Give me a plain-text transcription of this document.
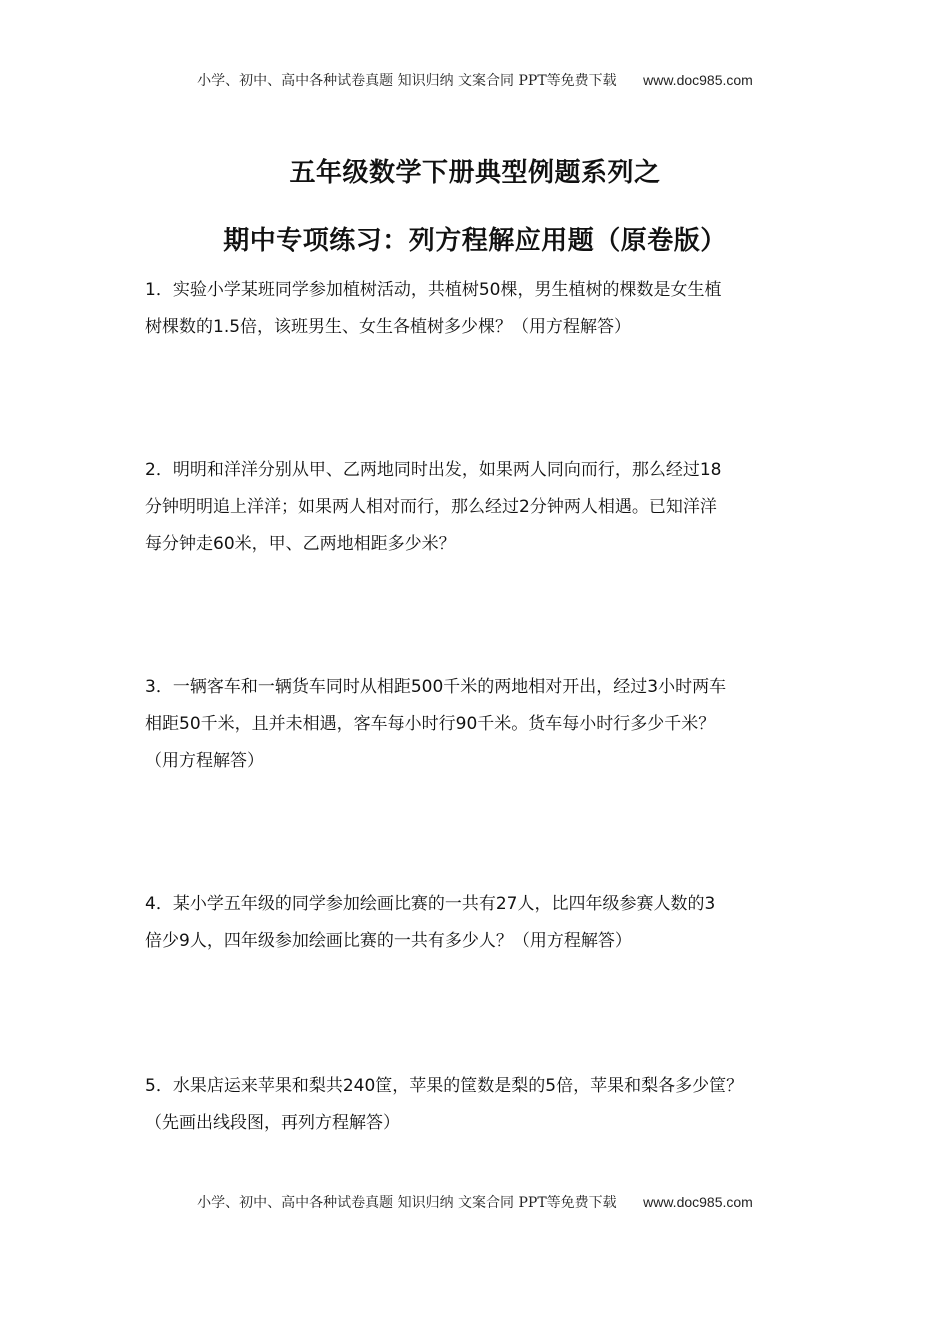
小学、初中、高中各种试卷真题 知识归纳 文案合同 PPT等免费下载 www.doc985.com
五年级数学下册典型例题系列之
期中专项练习：列方程解应用题（原卷版）
1．实验小学某班同学参加植树活动，共植树50棵，男生植树的棵数是女生植
树棵数的1.5倍，该班男生、女生各植树多少棵？（用方程解答）
2．明明和洋洋分别从甲、乙两地同时出发，如果两人同向而行，那么经过18
分钟明明追上洋洋；如果两人相对而行，那么经过2分钟两人相遇。已知洋洋
每分钟走60米，甲、乙两地相距多少米？
3．一辆客车和一辆货车同时从相距500千米的两地相对开出，经过3小时两车
相距50千米，且并未相遇，客车每小时行90千米。货车每小时行多少千米？
（用方程解答）
4．某小学五年级的同学参加绘画比赛的一共有27人，比四年级参赛人数的3
倍少9人，四年级参加绘画比赛的一共有多少人？（用方程解答）
5．水果店运来苹果和梨共240筐，苹果的筐数是梨的5倍，苹果和梨各多少筐？
（先画出线段图，再列方程解答）
小学、初中、高中各种试卷真题 知识归纳 文案合同 PPT等免费下载 www.doc985.com
